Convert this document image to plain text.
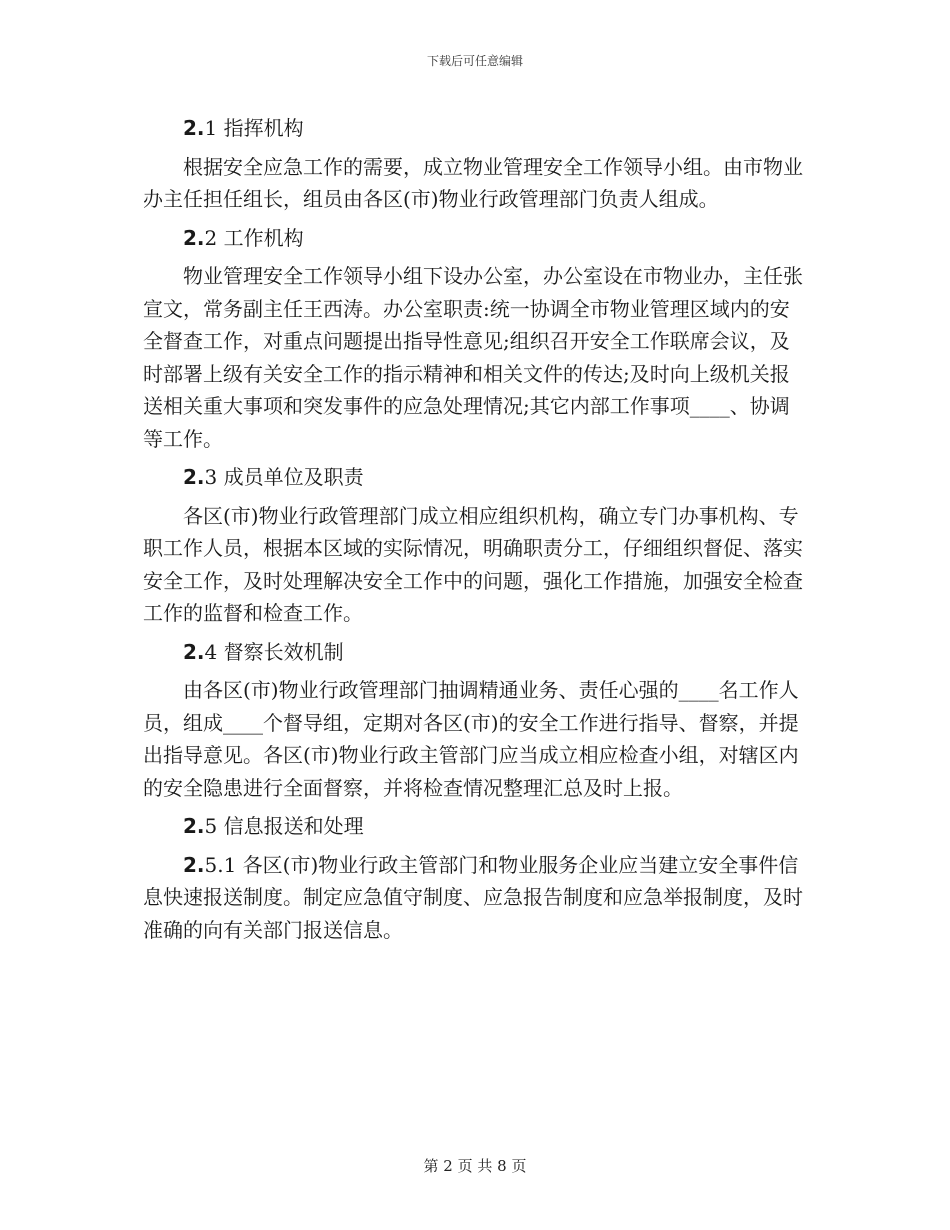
下载后可任意编辑

2.1 指挥机构

根据安全应急工作的需要，成立物业管理安全工作领导小组。由市物业办主任担任组长，组员由各区(市)物业行政管理部门负责人组成。

2.2 工作机构

物业管理安全工作领导小组下设办公室，办公室设在市物业办，主任张宣文，常务副主任王西涛。办公室职责:统一协调全市物业管理区域内的安全督查工作，对重点问题提出指导性意见;组织召开安全工作联席会议，及时部署上级有关安全工作的指示精神和相关文件的传达;及时向上级机关报送相关重大事项和突发事件的应急处理情况;其它内部工作事项____、协调等工作。

2.3 成员单位及职责

各区(市)物业行政管理部门成立相应组织机构，确立专门办事机构、专职工作人员，根据本区域的实际情况，明确职责分工，仔细组织督促、落实安全工作，及时处理解决安全工作中的问题，强化工作措施，加强安全检查工作的监督和检查工作。

2.4 督察长效机制

由各区(市)物业行政管理部门抽调精通业务、责任心强的____名工作人员，组成____个督导组，定期对各区(市)的安全工作进行指导、督察，并提出指导意见。各区(市)物业行政主管部门应当成立相应检查小组，对辖区内的安全隐患进行全面督察，并将检查情况整理汇总及时上报。

2.5 信息报送和处理

2.5.1 各区(市)物业行政主管部门和物业服务企业应当建立安全事件信息快速报送制度。制定应急值守制度、应急报告制度和应急举报制度，及时准确的向有关部门报送信息。

第 2 页 共 8 页
